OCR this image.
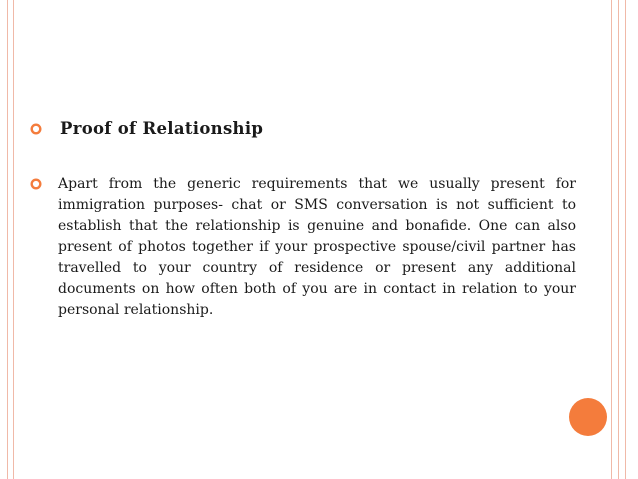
Proof of Relationship
Apart from the generic requirements that we usually present for immigration purposes- chat or SMS conversation is not sufficient to establish that the relationship is genuine and bonafide. One can also present of photos together if your prospective spouse/civil partner has travelled to your country of residence or present any additional documents on how often both of you are in contact in relation to your personal relationship.
